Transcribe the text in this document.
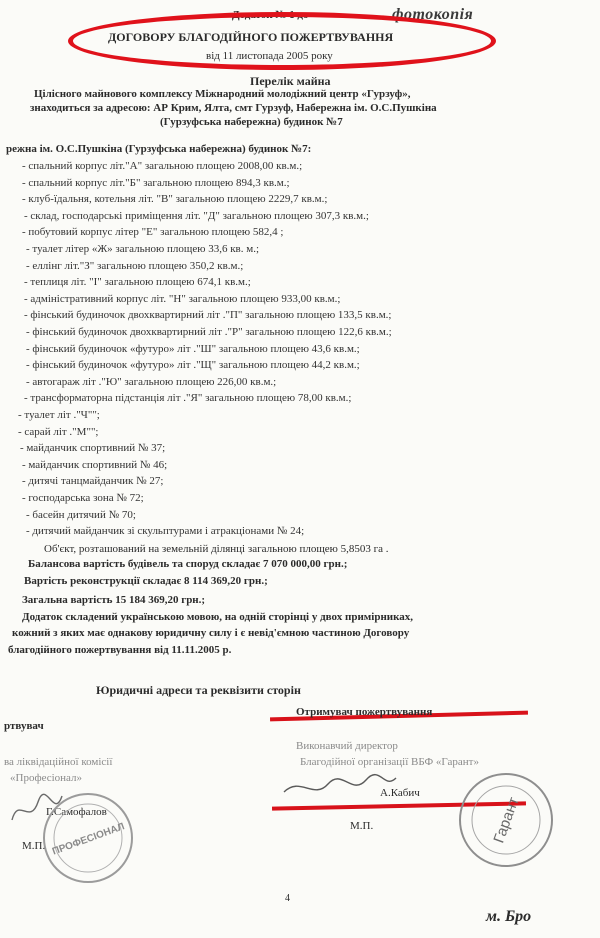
Додаток № 1 до	фотокопія
ДОГОВОРУ БЛАГОДІЙНОГО ПОЖЕРТВУВАННЯ
від 11 листопада 2005 року
Перелік майна
Цілісного майнового комплексу Міжнародний молодіжний центр «Гурзуф»,
знаходиться за адресою: АР Крим, Ялта, смт Гурзуф, Набережна ім. О.С.Пушкіна
(Гурзуфська набережна) будинок №7
режна ім. О.С.Пушкіна (Гурзуфська набережна) будинок №7:
- спальний корпус літ."А" загальною площею 2008,00 кв.м.;
- спальний корпус літ."Б" загальною площею 894,3 кв.м.;
- клуб-їдальня, котельня літ. "В" загальною площею 2229,7 кв.м.;
- склад, господарські приміщення літ. "Д" загальною площею 307,3 кв.м.;
- побутовий корпус літер "Е" загальною площею 582,4 ;
- туалет літер «Ж» загальною площею 33,6 кв. м.;
- еллінг літ."З" загальною площею 350,2 кв.м.;
- теплиця літ. "І" загальною площею 674,1 кв.м.;
- адміністративний корпус літ. "Н" загальною площею 933,00 кв.м.;
- фінський будиночок двохквартирний літ ."П" загальною площею 133,5 кв.м.;
- фінський будиночок двохквартирний літ ."Р" загальною площею 122,6 кв.м.;
- фінський будиночок «футуро» літ ."Ш" загальною площею 43,6 кв.м.;
- фінський будиночок «футуро» літ ."Щ" загальною площею 44,2 кв.м.;
- автогараж літ ."Ю" загальною площею 226,00 кв.м.;
- трансформаторна підстанція літ ."Я" загальною площею 78,00 кв.м.;
- туалет літ ."Ч"";
- сарай літ ."М"";
- майданчик спортивний № 37;
- майданчик спортивний № 46;
- дитячі танцмайданчик № 27;
- господарська зона № 72;
- басейн дитячий № 70;
- дитячий майданчик зі скульптурами і атракціонами № 24;
Об'єкт, розташований на земельній ділянці загальною площею 5,8503 га .
Балансова вартість будівель та споруд складає 7 070 000,00 грн.;
Вартість реконструкції складає 8 114 369,20 грн.;
Загальна вартість 15 184 369,20 грн.;
Додаток складений українською мовою, на одній сторінці у двох примірниках,
кожний з яких має однакову юридичну силу і є невід'ємною частиною Договору
благодійного пожертвування від 11.11.2005 р.
Юридичні адреси та реквізити сторін
ртвувач
ва ліквідаційної комісії
«Професіонал»
Г.Самофалов
М.П.
Отримувач пожертвування
Виконавчий директор
Благодійної організації ВБФ «Гарант»
А.Кабич
М.П.
ПРОФЕСІОНАЛ	Гарант
4
м. Бро
